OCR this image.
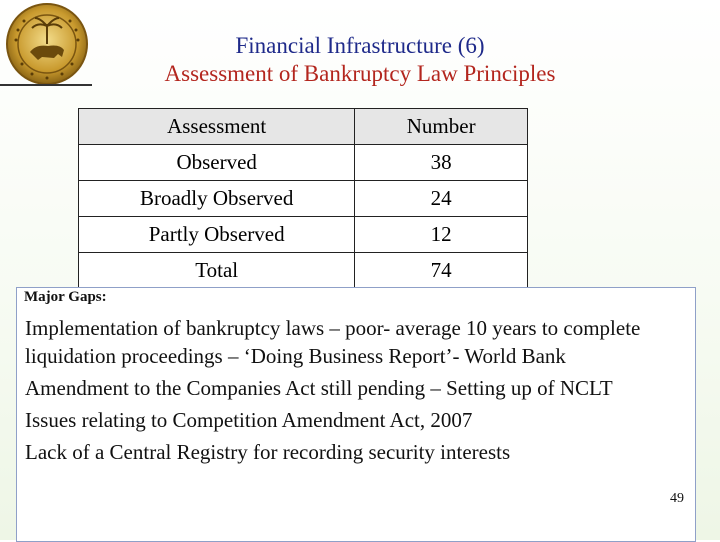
Financial Infrastructure (6)
Assessment of Bankruptcy Law Principles
Assessment	Number
Observed	38
Broadly Observed	24
Partly Observed	12
Total	74
Major Gaps:

Implementation of bankruptcy laws – poor- average 10 years to complete liquidation proceedings – ‘Doing Business Report’- World Bank

Amendment to the Companies Act still pending – Setting up of NCLT

Issues relating to Competition Amendment Act, 2007

Lack of a Central Registry for recording security interests

49
